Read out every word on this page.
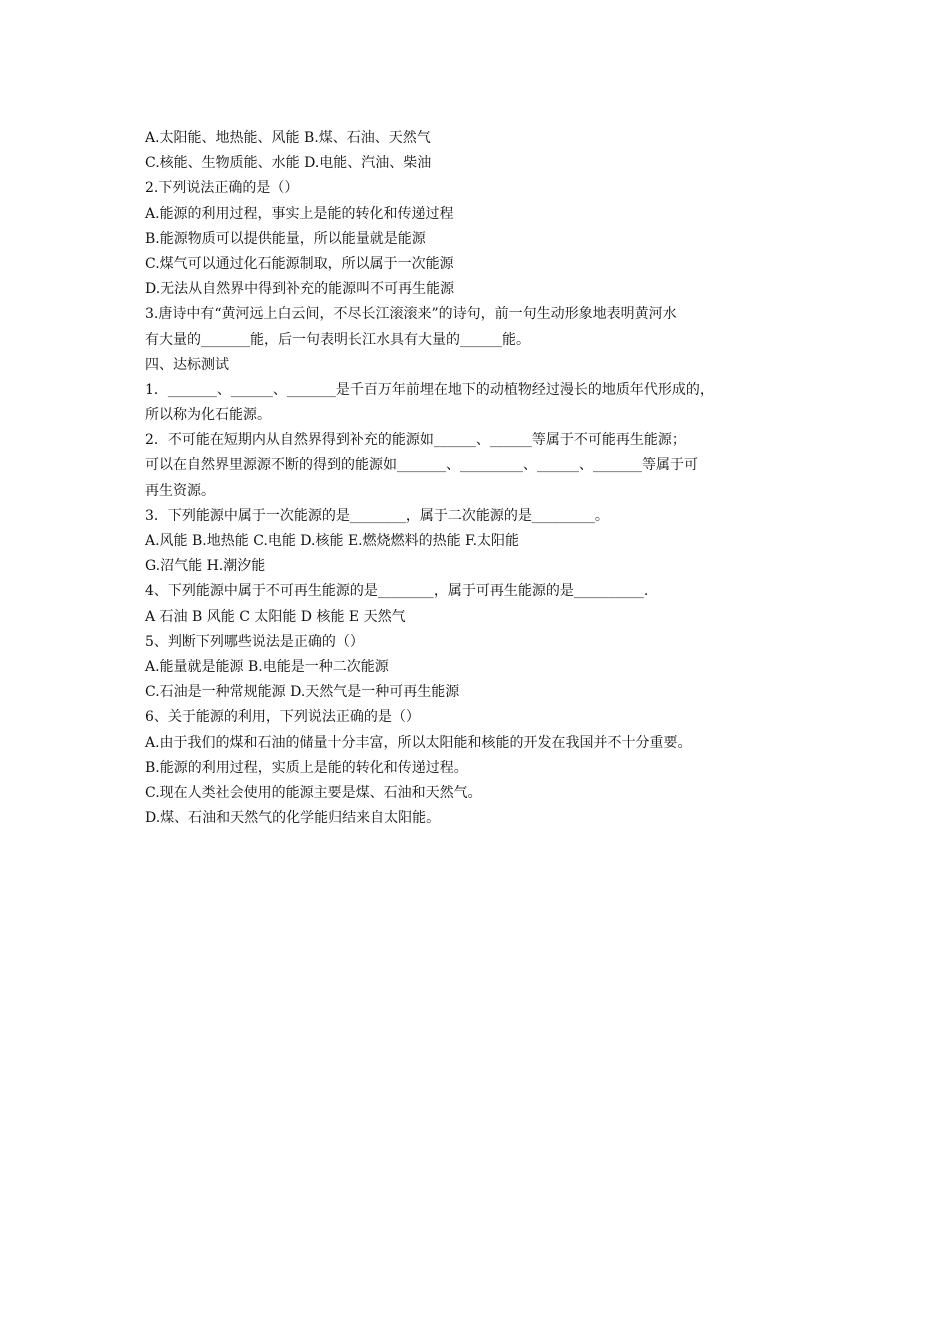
A.太阳能、地热能、风能 B.煤、石油、天然气

C.核能、生物质能、水能 D.电能、汽油、柴油

2.下列说法正确的是（）

A.能源的利用过程，事实上是能的转化和传递过程

B.能源物质可以提供能量，所以能量就是能源

C.煤气可以通过化石能源制取，所以属于一次能源

D.无法从自然界中得到补充的能源叫不可再生能源

3.唐诗中有“黄河远上白云间，不尽长江滚滚来”的诗句，前一句生动形象地表明黄河水

有大量的_______能，后一句表明长江水具有大量的______能。

四、达标测试

1．_______、______、_______是千百万年前埋在地下的动植物经过漫长的地质年代形成的，

所以称为化石能源。

2．不可能在短期内从自然界得到补充的能源如______、______等属于不可能再生能源；

可以在自然界里源源不断的得到的能源如_______、_________、______、_______等属于可

再生资源。

3．下列能源中属于一次能源的是________，属于二次能源的是_________。

A.风能 B.地热能 C.电能 D.核能 E.燃烧燃料的热能 F.太阳能

G.沼气能 H.潮汐能

4、下列能源中属于不可再生能源的是________，属于可再生能源的是__________.

A 石油 B 风能 C 太阳能 D 核能 E 天然气

5、判断下列哪些说法是正确的（）

A.能量就是能源 B.电能是一种二次能源

C.石油是一种常规能源 D.天然气是一种可再生能源

6、关于能源的利用，下列说法正确的是（）

A.由于我们的煤和石油的储量十分丰富，所以太阳能和核能的开发在我国并不十分重要。

B.能源的利用过程，实质上是能的转化和传递过程。

C.现在人类社会使用的能源主要是煤、石油和天然气。

D.煤、石油和天然气的化学能归结来自太阳能。
